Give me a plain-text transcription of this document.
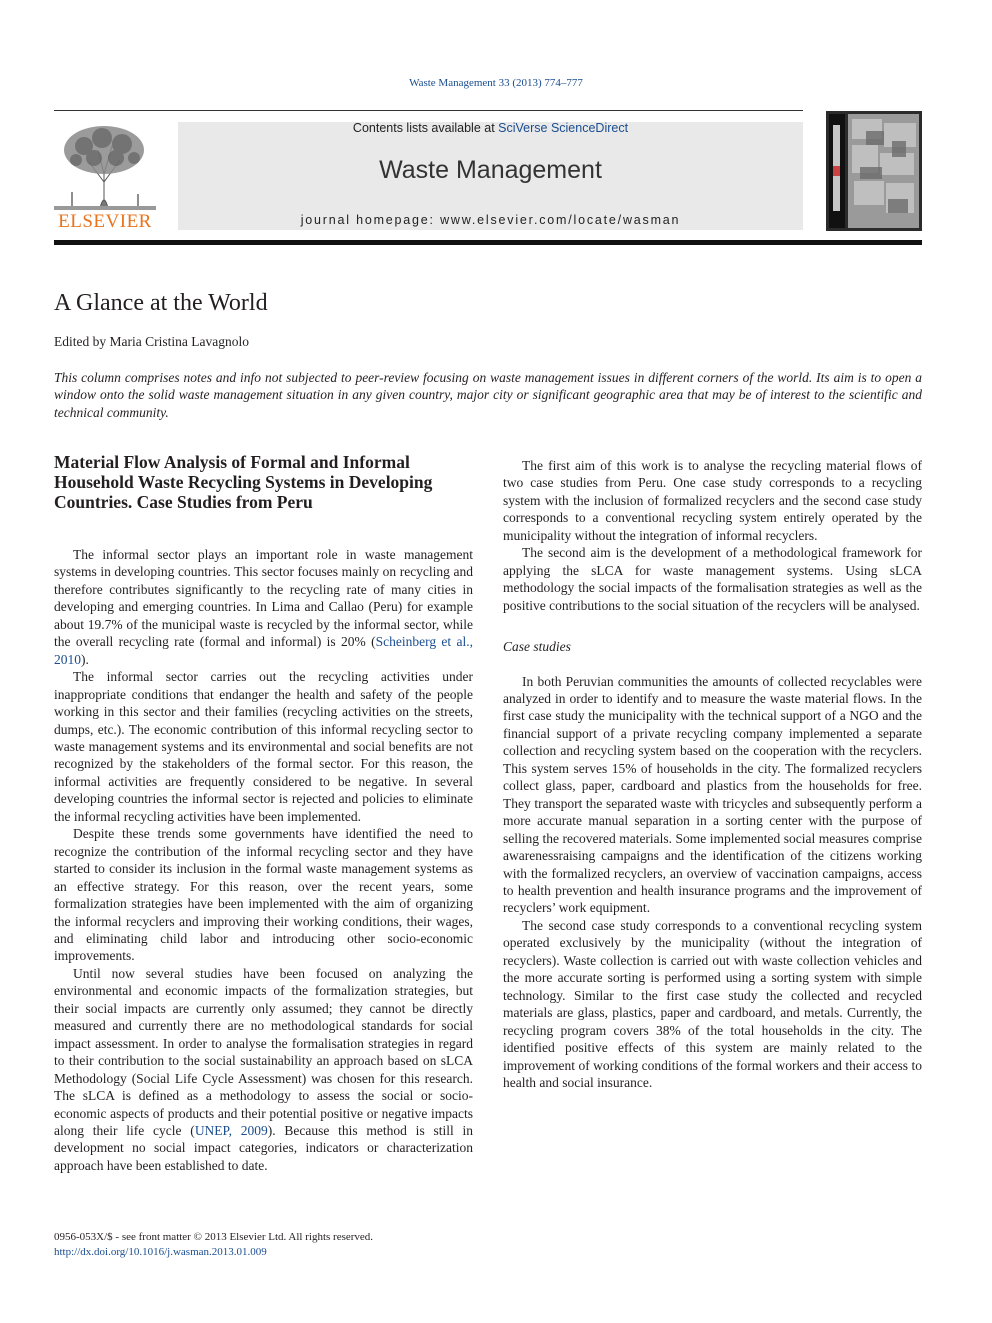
Waste Management 33 (2013) 774–777
ELSEVIER
Contents lists available at SciVerse ScienceDirect
Waste Management
journal homepage: www.elsevier.com/locate/wasman
A Glance at the World
Edited by Maria Cristina Lavagnolo
This column comprises notes and info not subjected to peer-review focusing on waste management issues in different corners of the world. Its aim is to open a window onto the solid waste management situation in any given country, major city or significant geographic area that may be of interest to the scientific and technical community.
Material Flow Analysis of Formal and Informal Household Waste Recycling Systems in Developing Countries. Case Studies from Peru

The informal sector plays an important role in waste management systems in developing countries. This sector focuses mainly on recycling and therefore contributes significantly to the recycling rate of many cities in developing and emerging countries. In Lima and Callao (Peru) for example about 19.7% of the municipal waste is recycled by the informal sector, while the overall recycling rate (formal and informal) is 20% (Scheinberg et al., 2010).

The informal sector carries out the recycling activities under inappropriate conditions that endanger the health and safety of the people working in this sector and their families (recycling activities on the streets, dumps, etc.). The economic contribution of this informal recycling sector to waste management systems and its environmental and social benefits are not recognized by the stakeholders of the formal sector. For this reason, the informal activities are frequently considered to be negative. In several developing countries the informal sector is rejected and policies to eliminate the informal recycling activities have been implemented.

Despite these trends some governments have identified the need to recognize the contribution of the informal recycling sector and they have started to consider its inclusion in the formal waste management systems as an effective strategy. For this reason, over the recent years, some formalization strategies have been implemented with the aim of organizing the informal recyclers and improving their working conditions, their wages, and eliminating child labor and introducing other socio-economic improvements.

Until now several studies have been focused on analyzing the environmental and economic impacts of the formalization strategies, but their social impacts are currently only assumed; they cannot be directly measured and currently there are no methodological standards for social impact assessment. In order to analyse the formalisation strategies in regard to their contribution to the social sustainability an approach based on sLCA Methodology (Social Life Cycle Assessment) was chosen for this research. The sLCA is defined as a methodology to assess the social or socio-economic aspects of products and their potential positive or negative impacts along their life cycle (UNEP, 2009). Because this method is still in development no social impact categories, indicators or characterization approach have been established to date.

The first aim of this work is to analyse the recycling material flows of two case studies from Peru. One case study corresponds to a recycling system with the inclusion of formalized recyclers and the second case study corresponds to a conventional recycling system entirely operated by the municipality without the integration of informal recyclers.

The second aim is the development of a methodological framework for applying the sLCA for waste management systems. Using sLCA methodology the social impacts of the formalisation strategies as well as the positive contributions to the social situation of the recyclers will be analysed.

Case studies

In both Peruvian communities the amounts of collected recyclables were analyzed in order to identify and to measure the waste material flows. In the first case study the municipality with the technical support of a NGO and the financial support of a private recycling company implemented a separate collection and recycling system based on the cooperation with the recyclers. This system serves 15% of households in the city. The formalized recyclers collect glass, paper, cardboard and plastics from the households for free. They transport the separated waste with tricycles and subsequently perform a more accurate manual separation in a sorting center with the purpose of selling the recovered materials. Some implemented social measures comprise awarenessraising campaigns and the identification of the citizens working with the formalized recyclers, an overview of vaccination campaigns, access to health prevention and health insurance programs and the improvement of recyclers’ work equipment.

The second case study corresponds to a conventional recycling system operated exclusively by the municipality (without the integration of recyclers). Waste collection is carried out with waste collection vehicles and the more accurate sorting is performed using a sorting system with simple technology. Similar to the first case study the collected and recycled materials are glass, plastics, paper and cardboard, and metals. Currently, the recycling program covers 38% of the total households in the city. The identified positive effects of this system are mainly related to the improvement of working conditions of the formal workers and their access to health and social insurance.

0956-053X/$ - see front matter © 2013 Elsevier Ltd. All rights reserved.
http://dx.doi.org/10.1016/j.wasman.2013.01.009
